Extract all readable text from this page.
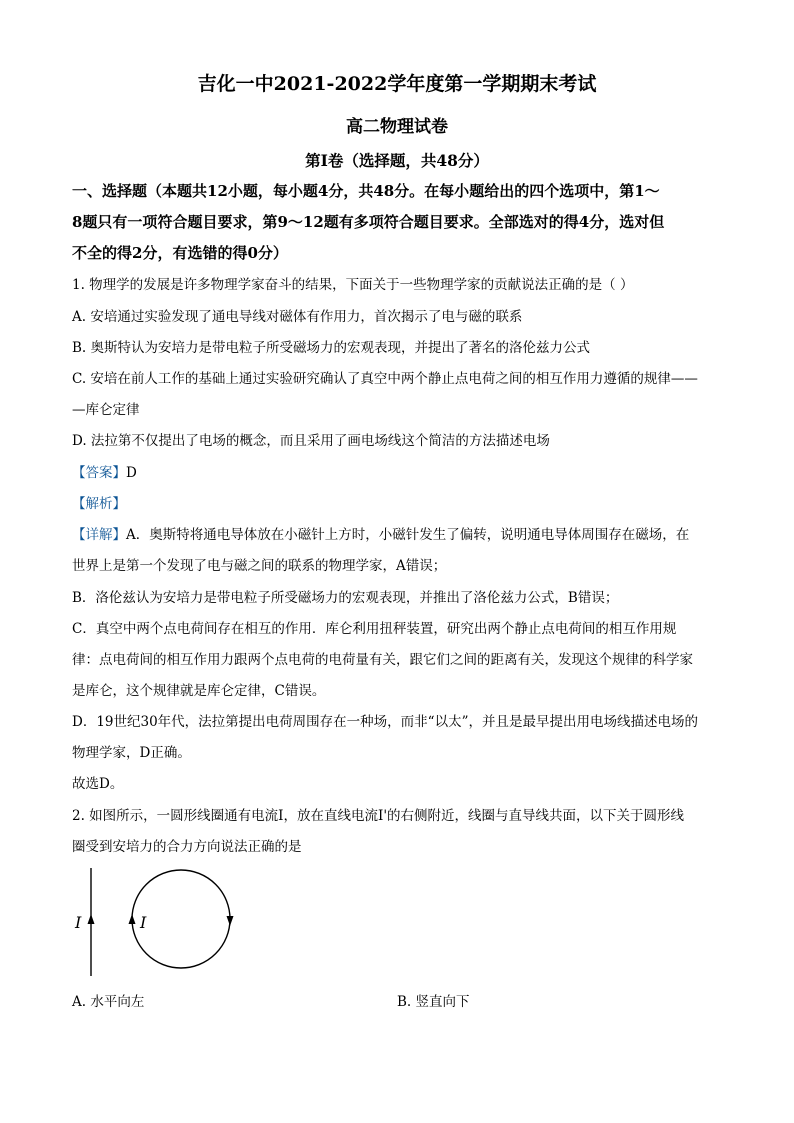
吉化一中2021-2022学年度第一学期期末考试
高二物理试卷
第Ⅰ卷（选择题，共48分）

一、选择题（本题共12小题，每小题4分，共48分。在每小题给出的四个选项中，第1～

8题只有一项符合题目要求，第9～12题有多项符合题目要求。全部选对的得4分，选对但

不全的得2分，有选错的得0分）

1. 物理学的发展是许多物理学家奋斗的结果，下面关于一些物理学家的贡献说法正确的是（ ）

A. 安培通过实验发现了通电导线对磁体有作用力，首次揭示了电与磁的联系

B. 奥斯特认为安培力是带电粒子所受磁场力的宏观表现，并提出了著名的洛伦兹力公式

C. 安培在前人工作的基础上通过实验研究确认了真空中两个静止点电荷之间的相互作用力遵循的规律——

—库仑定律

D. 法拉第不仅提出了电场的概念，而且采用了画电场线这个简洁的方法描述电场

【答案】D

【解析】

【详解】A．奥斯特将通电导体放在小磁针上方时，小磁针发生了偏转，说明通电导体周围存在磁场，在

世界上是第一个发现了电与磁之间的联系的物理学家，A错误；

B．洛伦兹认为安培力是带电粒子所受磁场力的宏观表现，并推出了洛伦兹力公式，B错误；

C．真空中两个点电荷间存在相互的作用．库仑利用扭秤装置，研究出两个静止点电荷间的相互作用规

律：点电荷间的相互作用力跟两个点电荷的电荷量有关，跟它们之间的距离有关，发现这个规律的科学家

是库仑，这个规律就是库仑定律，C错误。

D．19世纪30年代，法拉第提出电荷周围存在一种场，而非“以太”，并且是最早提出用电场线描述电场的

物理学家，D正确。

故选D。

2. 如图所示，一圆形线圈通有电流I，放在直线电流I'的右侧附近，线圈与直导线共面，以下关于圆形线

圈受到安培力的合力方向说法正确的是

I	I

A. 水平向左	B. 竖直向下
